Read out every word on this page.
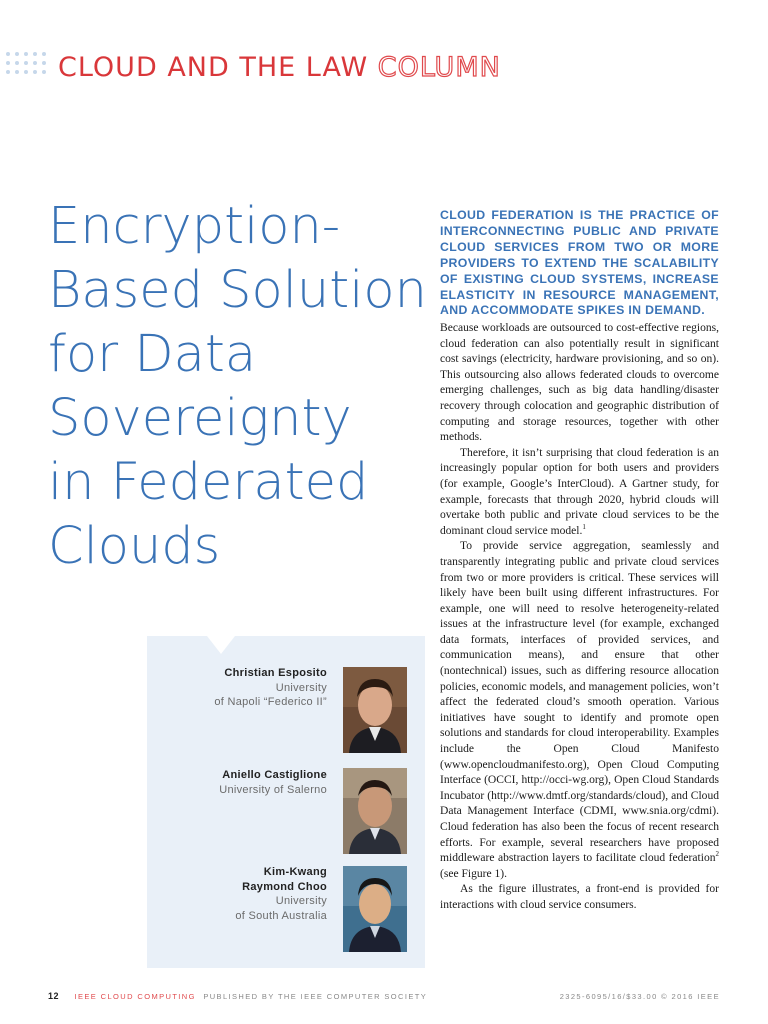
CLOUD AND THE LAW COLUMN
Encryption-
Based Solution
for Data
Sovereignty
in Federated
Clouds
Christian Esposito
University
of Napoli “Federico II”
Aniello Castiglione
University of Salerno
Kim-Kwang
Raymond Choo
University
of South Australia

CLOUD FEDERATION IS THE PRACTICE OF INTERCONNECTING PUBLIC AND PRIVATE CLOUD SERVICES FROM TWO OR MORE PROVIDERS TO EXTEND THE SCALABILITY OF EXISTING CLOUD SYSTEMS, INCREASE ELASTICITY IN RESOURCE MANAGEMENT, AND ACCOMMODATE SPIKES IN DEMAND.

Because workloads are outsourced to cost-effective regions, cloud federation can also potentially result in significant cost savings (electricity, hardware provisioning, and so on). This outsourcing also allows federated clouds to overcome emerging challenges, such as big data handling/disaster recovery through colocation and geographic distribution of computing and storage resources, together with other methods.

Therefore, it isn’t surprising that cloud federation is an increasingly popular option for both users and providers (for example, Google’s InterCloud). A Gartner study, for example, forecasts that through 2020, hybrid clouds will overtake both public and private cloud services to be the dominant cloud service model.$^1$

To provide service aggregation, seamlessly and transparently integrating public and private cloud services from two or more providers is critical. These services will likely have been built using different infrastructures. For example, one will need to resolve heterogeneity-related issues at the infrastructure level (for example, exchanged data formats, interfaces of provided services, and communication means), and ensure that other (nontechnical) issues, such as differing resource allocation policies, economic models, and management policies, won’t affect the federated cloud’s smooth operation. Various initiatives have sought to identify and promote open solutions and standards for cloud interoperability. Examples include the Open Cloud Manifesto (www.opencloudmanifesto.org), Open Cloud Computing Interface (OCCI, http://occi-wg.org), Open Cloud Standards Incubator (http://www.dmtf.org/standards/cloud), and Cloud Data Management Interface (CDMI, www.snia.org/cdmi). Cloud federation has also been the focus of recent research efforts. For example, several researchers have proposed middleware abstraction layers to facilitate cloud federation$^2$ (see Figure 1).

As the figure illustrates, a front-end is provided for interactions with cloud service consumers.

12 IEEE CLOUD COMPUTING PUBLISHED BY THE IEEE COMPUTER SOCIETY	2325-6095/16/$33.00 © 2016 IEEE
